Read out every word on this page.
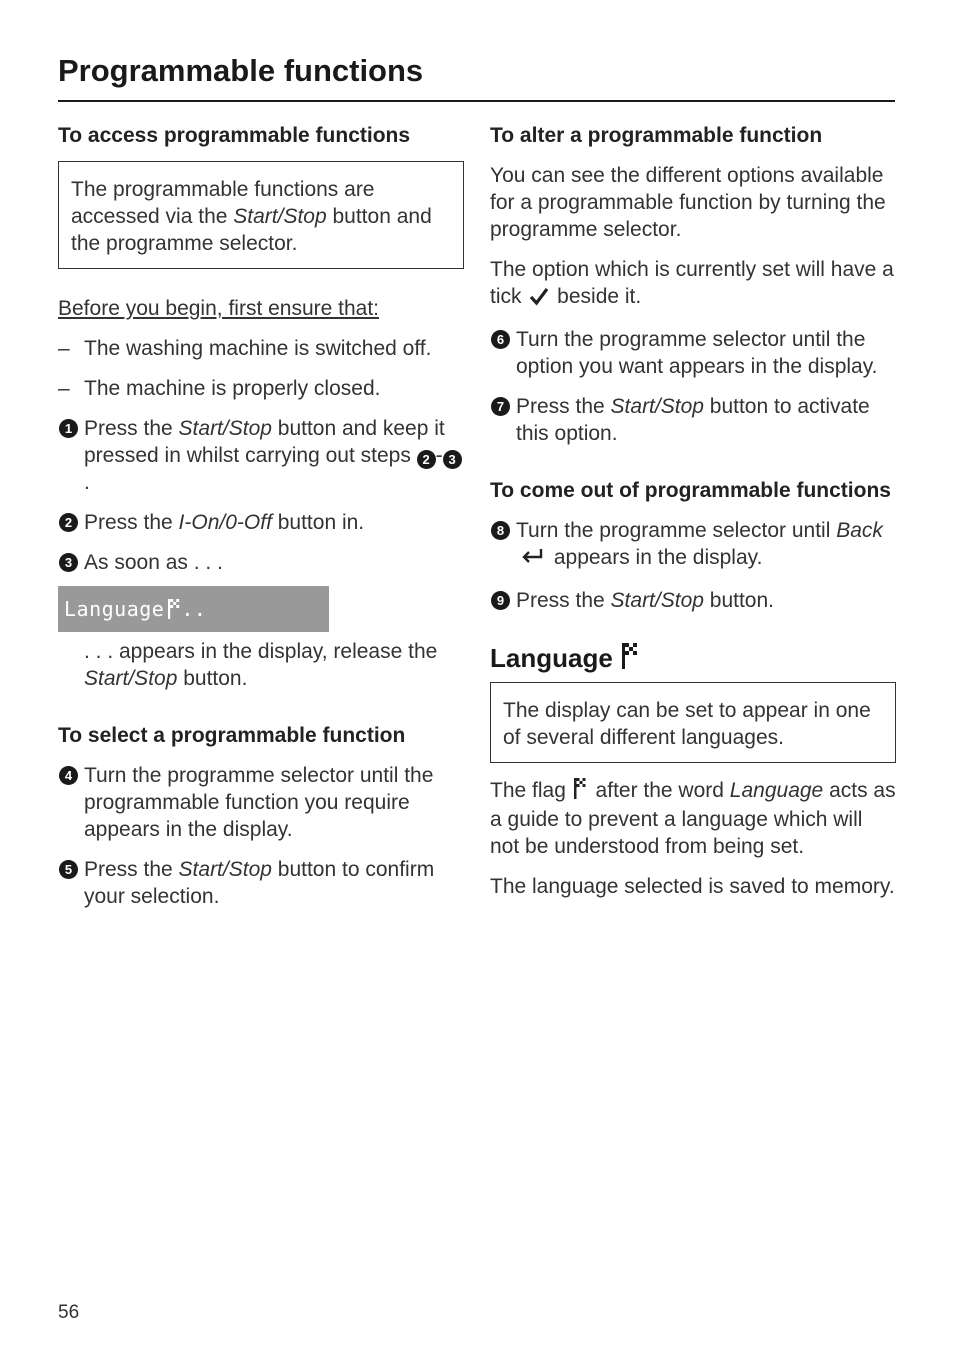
Programmable functions
To access programmable functions
The programmable functions are accessed via the Start/Stop button and the programme selector.

Before you begin, first ensure that:

– The washing machine is switched off.
– The machine is properly closed.
1 Press the Start/Stop button and keep it pressed in whilst carrying out steps 2 - 3.
2 Press the I-On/0-Off button in.
3 As soon as . . .
Language ..

. . . appears in the display, release the Start/Stop button.

To select a programmable function
4 Turn the programme selector until the programmable function you require appears in the display.
5 Press the Start/Stop button to confirm your selection.
To alter a programmable function

You can see the different options available for a programmable function by turning the programme selector.

The option which is currently set will have a tick  beside it.

6 Turn the programme selector until the option you want appears in the display.
7 Press the Start/Stop button to activate this option.
To come out of programmable functions
8 Turn the programme selector until Back appears in the display.
9 Press the Start/Stop button.
Language
The display can be set to appear in one of several different languages.

The flag  after the word Language acts as a guide to prevent a language which will not be understood from being set.

The language selected is saved to memory.

56
